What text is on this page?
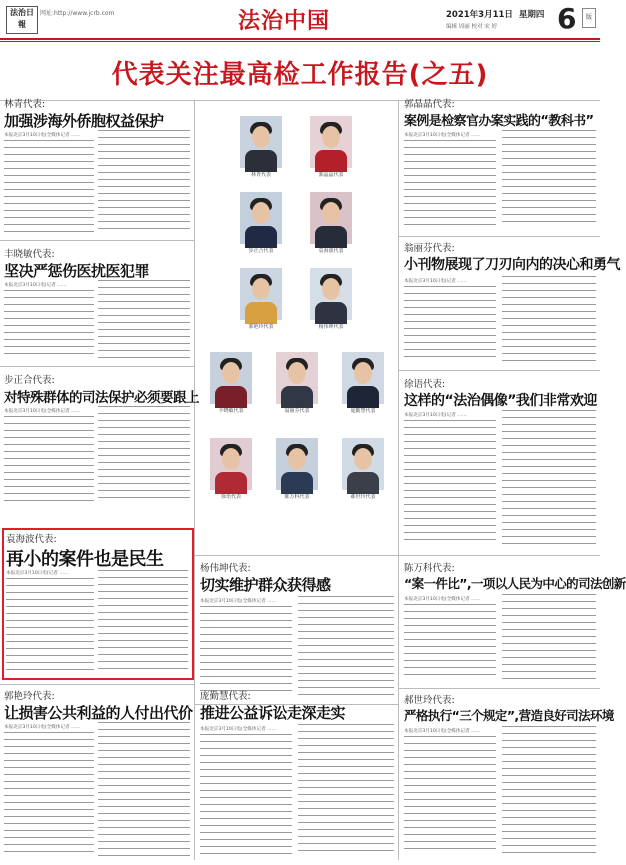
法治日報
网址:http://www.jcrb.com	法治中国	2021年3月11日 星期四
编辑 周丽 校对 宋 婷 6	版
代表关注最高检工作报告(之五)
林青代表:
加强涉海外侨胞权益保护
本报北京3月10日电(全媒体记者 ……
丰晓敏代表:
坚决严惩伤医扰医犯罪
本报北京3月10日电(记者 ……
步正合代表:
对特殊群体的司法保护必须要跟上
本报北京3月10日电(全媒体记者 ……
袁海波代表:
再小的案件也是民生
本报北京3月10日电(记者 ……
郭艳玲代表:
让损害公共利益的人付出代价
本报北京3月10日电(全媒体记者 ……
林青代表	郭晶晶代表
步正合代表	袁海波代表
郭艳玲代表	杨伟坤代表
丰晓敏代表	翁丽芬代表	庞勤慧代表
徐语代表	陈万科代表	郝世玲代表
杨伟坤代表:
切实维护群众获得感
本报北京3月10日电(全媒体记者 ……
庞勤慧代表:
推进公益诉讼走深走实
本报北京3月10日电(全媒体记者 ……
郭晶晶代表:
案例是检察官办案实践的“教科书”
本报北京3月10日电(全媒体记者 ……
翁丽芬代表:
小刊物展现了刀刃向内的决心和勇气
本报北京3月10日电(记者 ……
徐语代表:
这样的“法治偶像”我们非常欢迎
本报北京3月10日电(记者 ……
陈万科代表:
“案一件比”,一项以人民为中心的司法创新
本报北京3月10日电(全媒体记者 ……
郝世玲代表:
严格执行“三个规定”,营造良好司法环境
本报北京3月10日电(全媒体记者 ……
